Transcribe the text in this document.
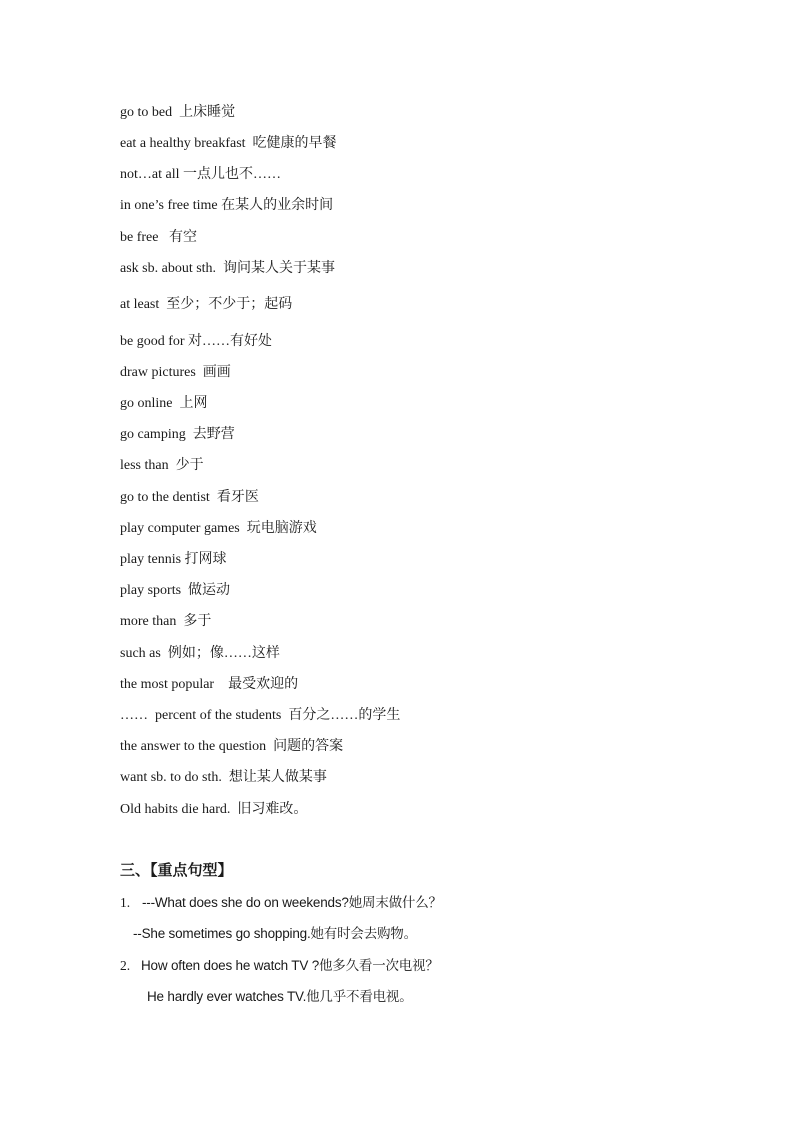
go to bed  上床睡觉
eat a healthy breakfast  吃健康的早餐
not…at all 一点儿也不……
in one’s free time 在某人的业余时间
be free   有空
ask sb. about sth.  询问某人关于某事
at least  至少；不少于；起码
be good for 对……有好处
draw pictures  画画
go online  上网
go camping  去野营
less than  少于
go to the dentist  看牙医
play computer games  玩电脑游戏
play tennis 打网球
play sports  做运动
more than  多于
such as  例如；像……这样
the most popular    最受欢迎的
……  percent of the students  百分之……的学生
the answer to the question  问题的答案
want sb. to do sth.  想让某人做某事
Old habits die hard.  旧习难改。
三、【重点句型】
1. ---What does she do on weekends?她周末做什么？
--She sometimes go shopping.她有时会去购物。
2. How often does he watch TV ?他多久看一次电视？
He hardly ever watches TV.他几乎不看电视。
